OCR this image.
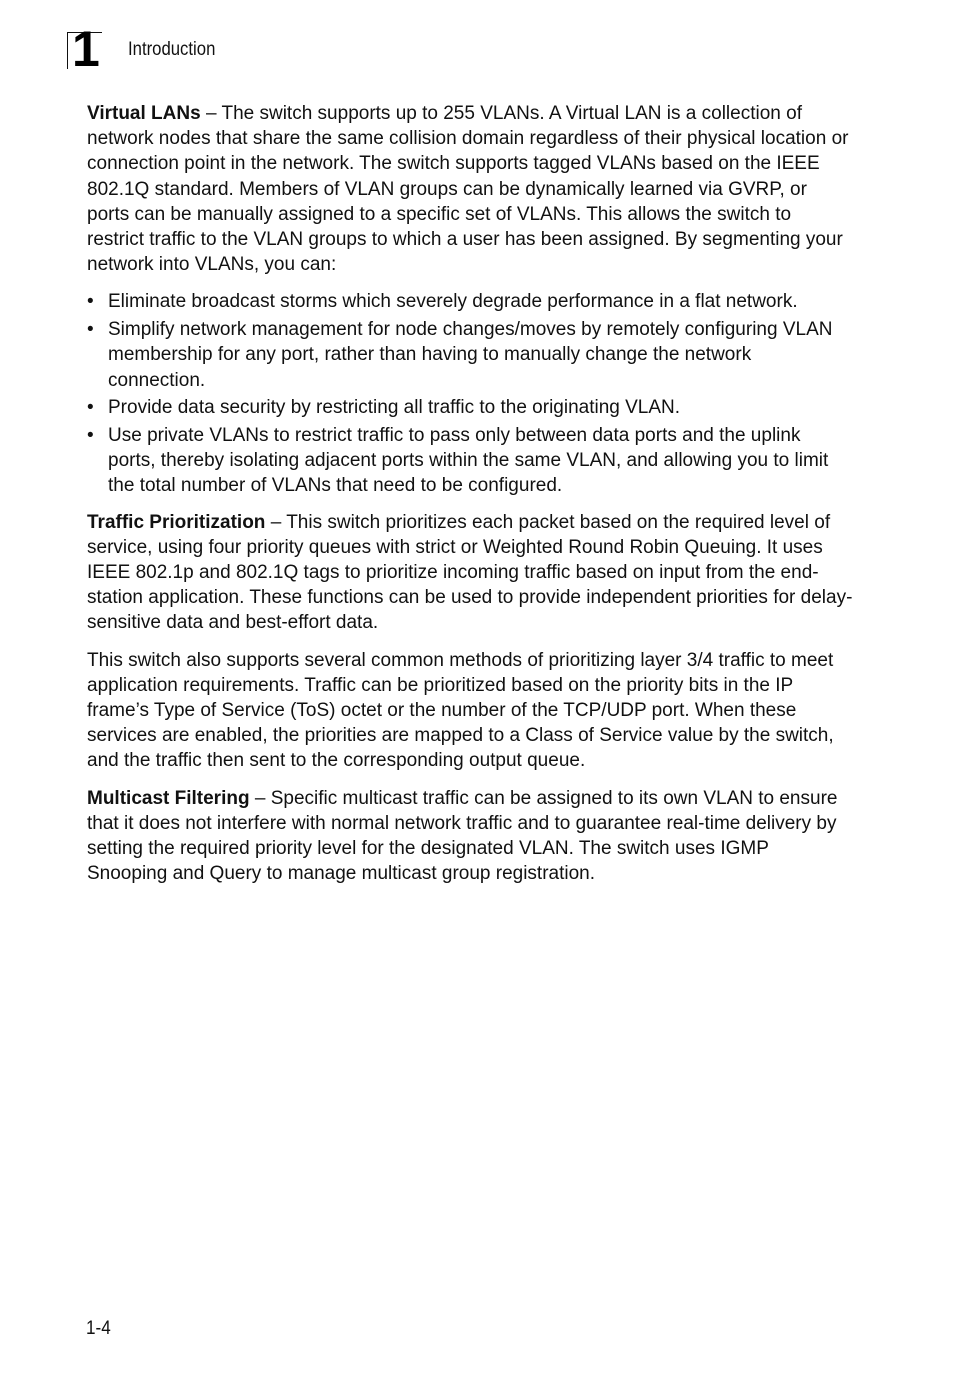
1 Introduction

Virtual LANs – The switch supports up to 255 VLANs. A Virtual LAN is a collection of network nodes that share the same collision domain regardless of their physical location or connection point in the network. The switch supports tagged VLANs based on the IEEE 802.1Q standard. Members of VLAN groups can be dynamically learned via GVRP, or ports can be manually assigned to a specific set of VLANs. This allows the switch to restrict traffic to the VLAN groups to which a user has been assigned. By segmenting your network into VLANs, you can:

• Eliminate broadcast storms which severely degrade performance in a flat network.
• Simplify network management for node changes/moves by remotely configuring VLAN membership for any port, rather than having to manually change the network connection.
• Provide data security by restricting all traffic to the originating VLAN.
• Use private VLANs to restrict traffic to pass only between data ports and the uplink ports, thereby isolating adjacent ports within the same VLAN, and allowing you to limit the total number of VLANs that need to be configured.

Traffic Prioritization – This switch prioritizes each packet based on the required level of service, using four priority queues with strict or Weighted Round Robin Queuing. It uses IEEE 802.1p and 802.1Q tags to prioritize incoming traffic based on input from the end-station application. These functions can be used to provide independent priorities for delay-sensitive data and best-effort data.

This switch also supports several common methods of prioritizing layer 3/4 traffic to meet application requirements. Traffic can be prioritized based on the priority bits in the IP frame’s Type of Service (ToS) octet or the number of the TCP/UDP port. When these services are enabled, the priorities are mapped to a Class of Service value by the switch, and the traffic then sent to the corresponding output queue.

Multicast Filtering – Specific multicast traffic can be assigned to its own VLAN to ensure that it does not interfere with normal network traffic and to guarantee real-time delivery by setting the required priority level for the designated VLAN. The switch uses IGMP Snooping and Query to manage multicast group registration.

1-4
